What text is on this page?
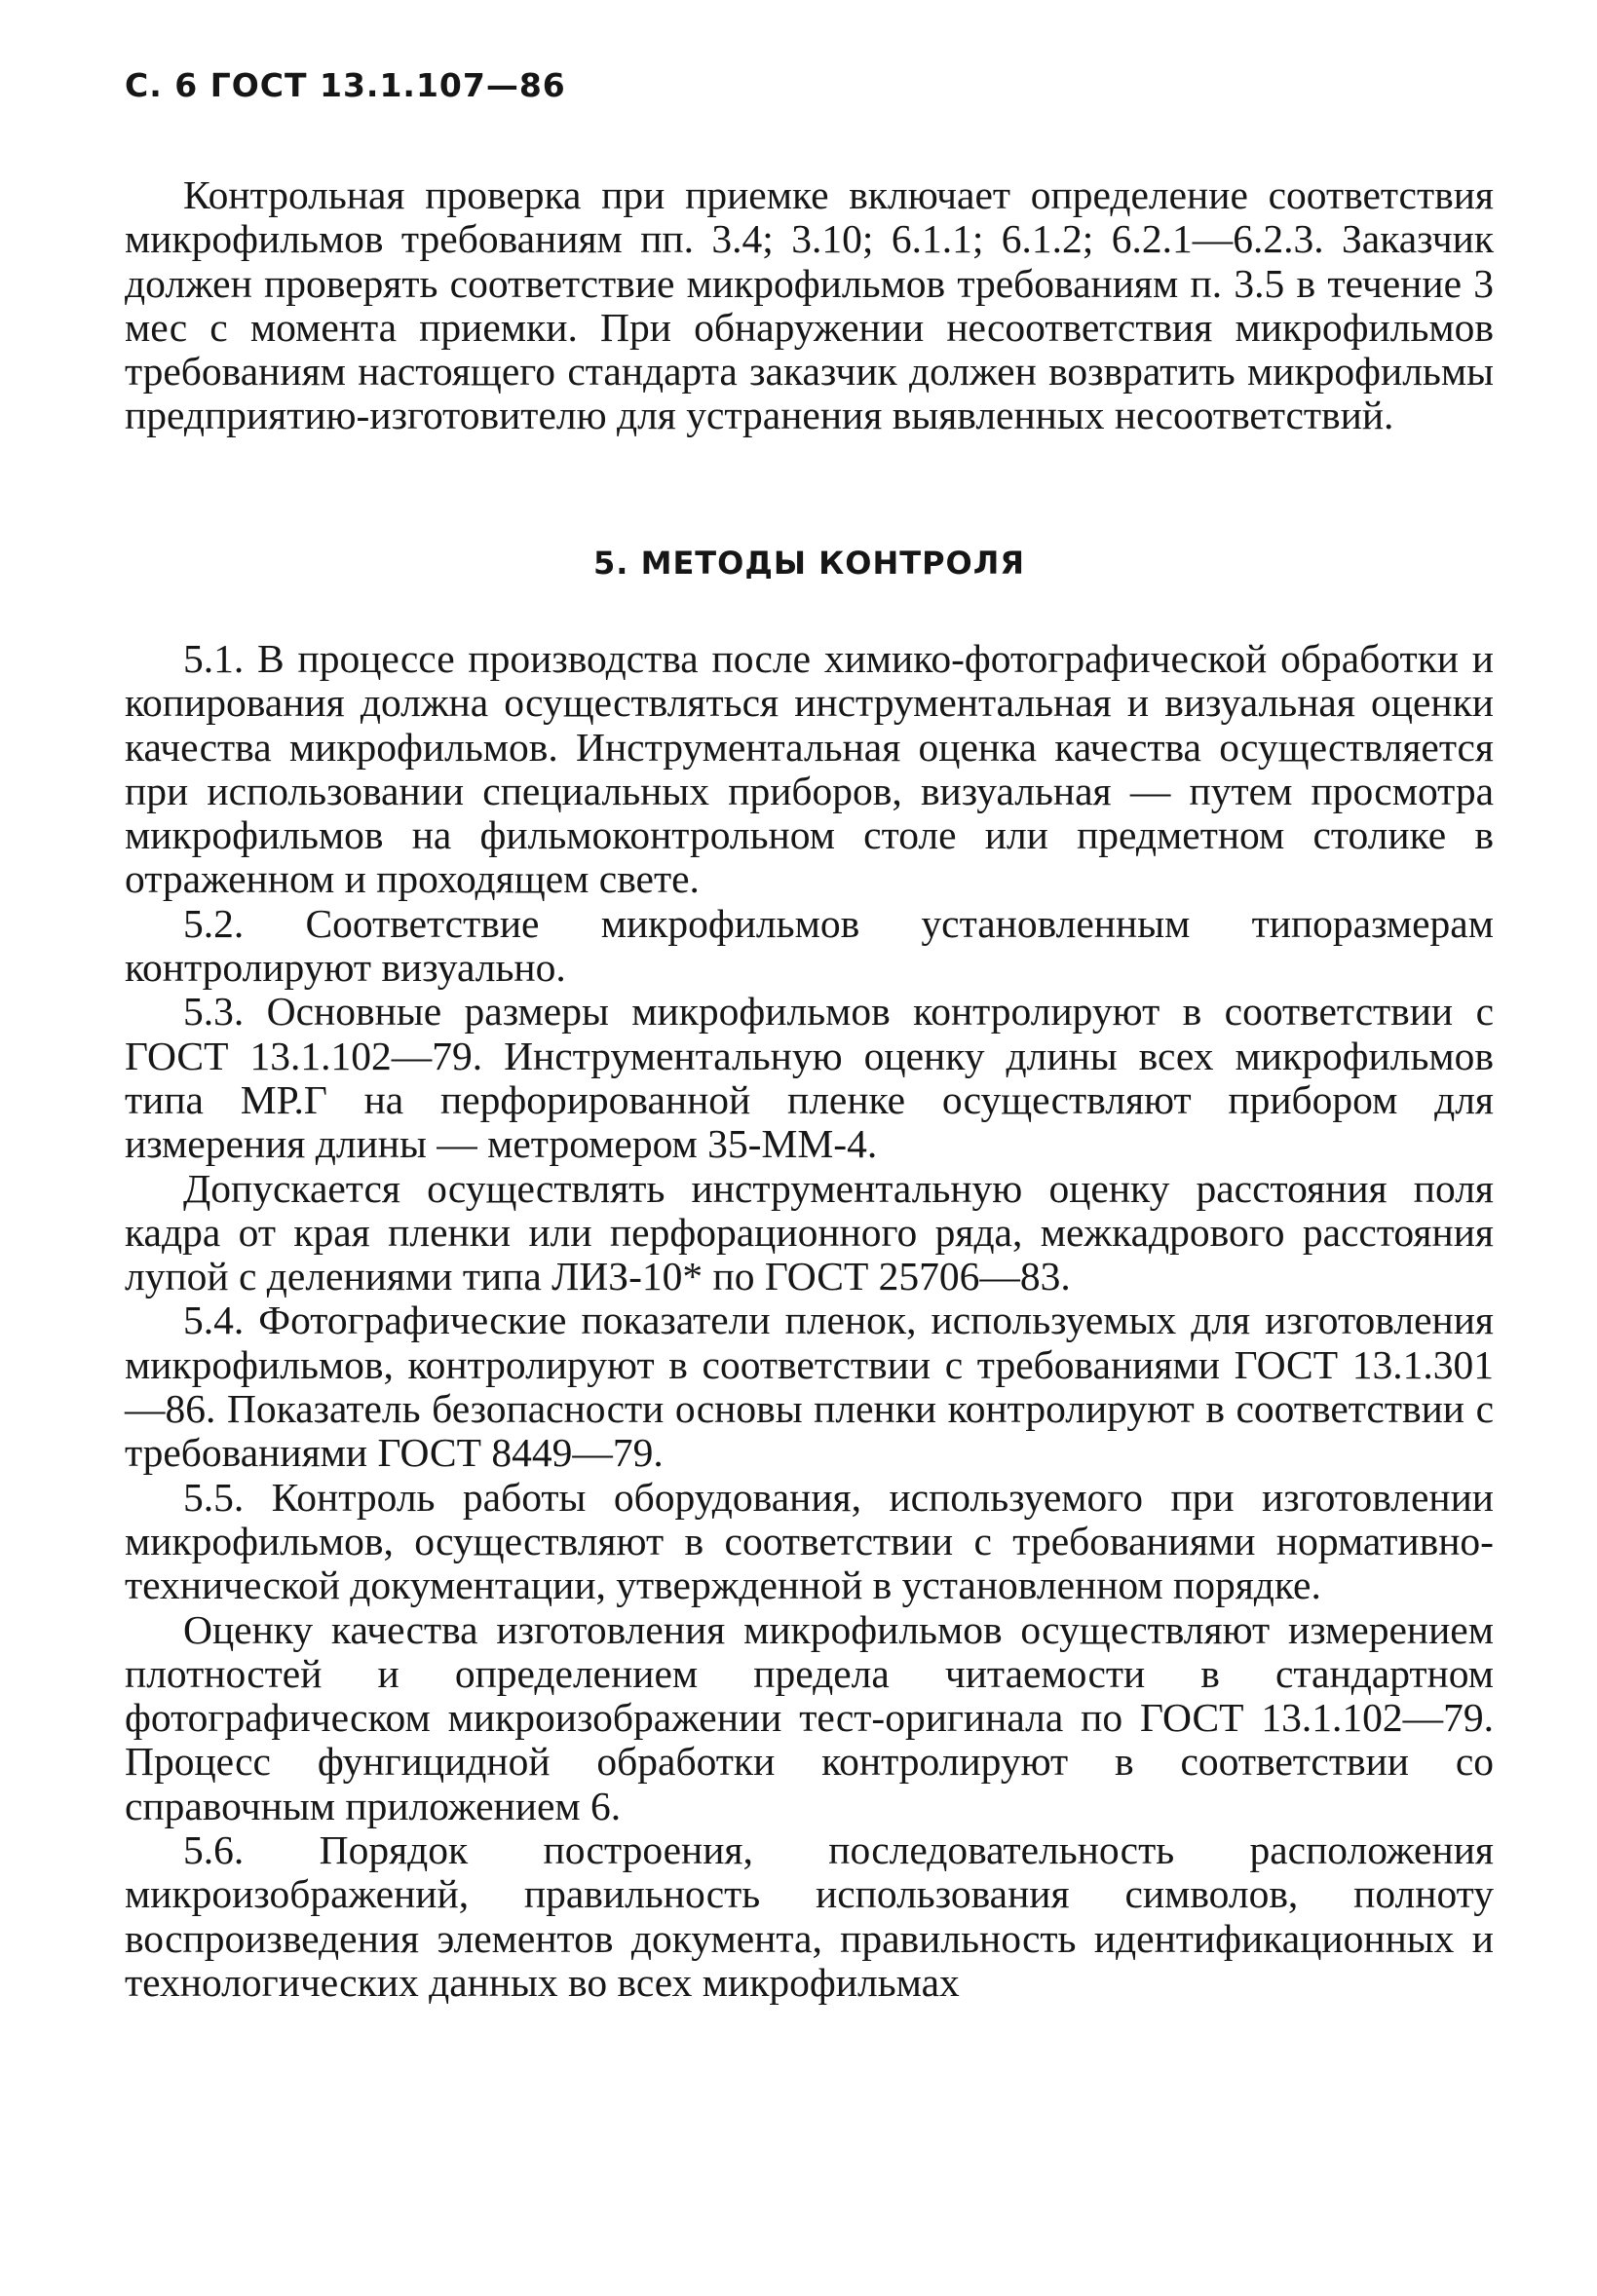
С. 6 ГОСТ 13.1.107—86

Контрольная проверка при приемке включает определение соответствия микрофильмов требованиям пп. 3.4; 3.10; 6.1.1; 6.1.2; 6.2.1—6.2.3. Заказчик должен проверять соответствие микрофильмов требованиям п. 3.5 в течение 3 мес с момента приемки. При обнаружении несоответствия микрофильмов требованиям настоящего стандарта заказчик должен возвратить микрофильмы предприятию-изготовителю для устранения выявленных несоответствий.

5. МЕТОДЫ КОНТРОЛЯ

5.1. В процессе производства после химико-фотографической обработки и копирования должна осуществляться инструментальная и визуальная оценки качества микрофильмов. Инструментальная оценка качества осуществляется при использовании специальных приборов, визуальная — путем просмотра микрофильмов на фильмоконтрольном столе или предметном столике в отраженном и проходящем свете.

5.2. Соответствие микрофильмов установленным типоразмерам контролируют визуально.

5.3. Основные размеры микрофильмов контролируют в соответствии с ГОСТ 13.1.102—79. Инструментальную оценку длины всех микрофильмов типа МР.Г на перфорированной пленке осуществляют прибором для измерения длины — метромером 35-ММ-4.

Допускается осуществлять инструментальную оценку расстояния поля кадра от края пленки или перфорационного ряда, межкадрового расстояния лупой с делениями типа ЛИЗ-10* по ГОСТ 25706—83.

5.4. Фотографические показатели пленок, используемых для изготовления микрофильмов, контролируют в соответствии с требованиями ГОСТ 13.1.301—86. Показатель безопасности основы пленки контролируют в соответствии с требованиями ГОСТ 8449—79.

5.5. Контроль работы оборудования, используемого при изготовлении микрофильмов, осуществляют в соответствии с требованиями нормативно-технической документации, утвержденной в установленном порядке.

Оценку качества изготовления микрофильмов осуществляют измерением плотностей и определением предела читаемости в стандартном фотографическом микроизображении тест-оригинала по ГОСТ 13.1.102—79. Процесс фунгицидной обработки контролируют в соответствии со справочным приложением 6.

5.6. Порядок построения, последовательность расположения микроизображений, правильность использования символов, полноту воспроизведения элементов документа, правильность идентификационных и технологических данных во всех микрофильмах
